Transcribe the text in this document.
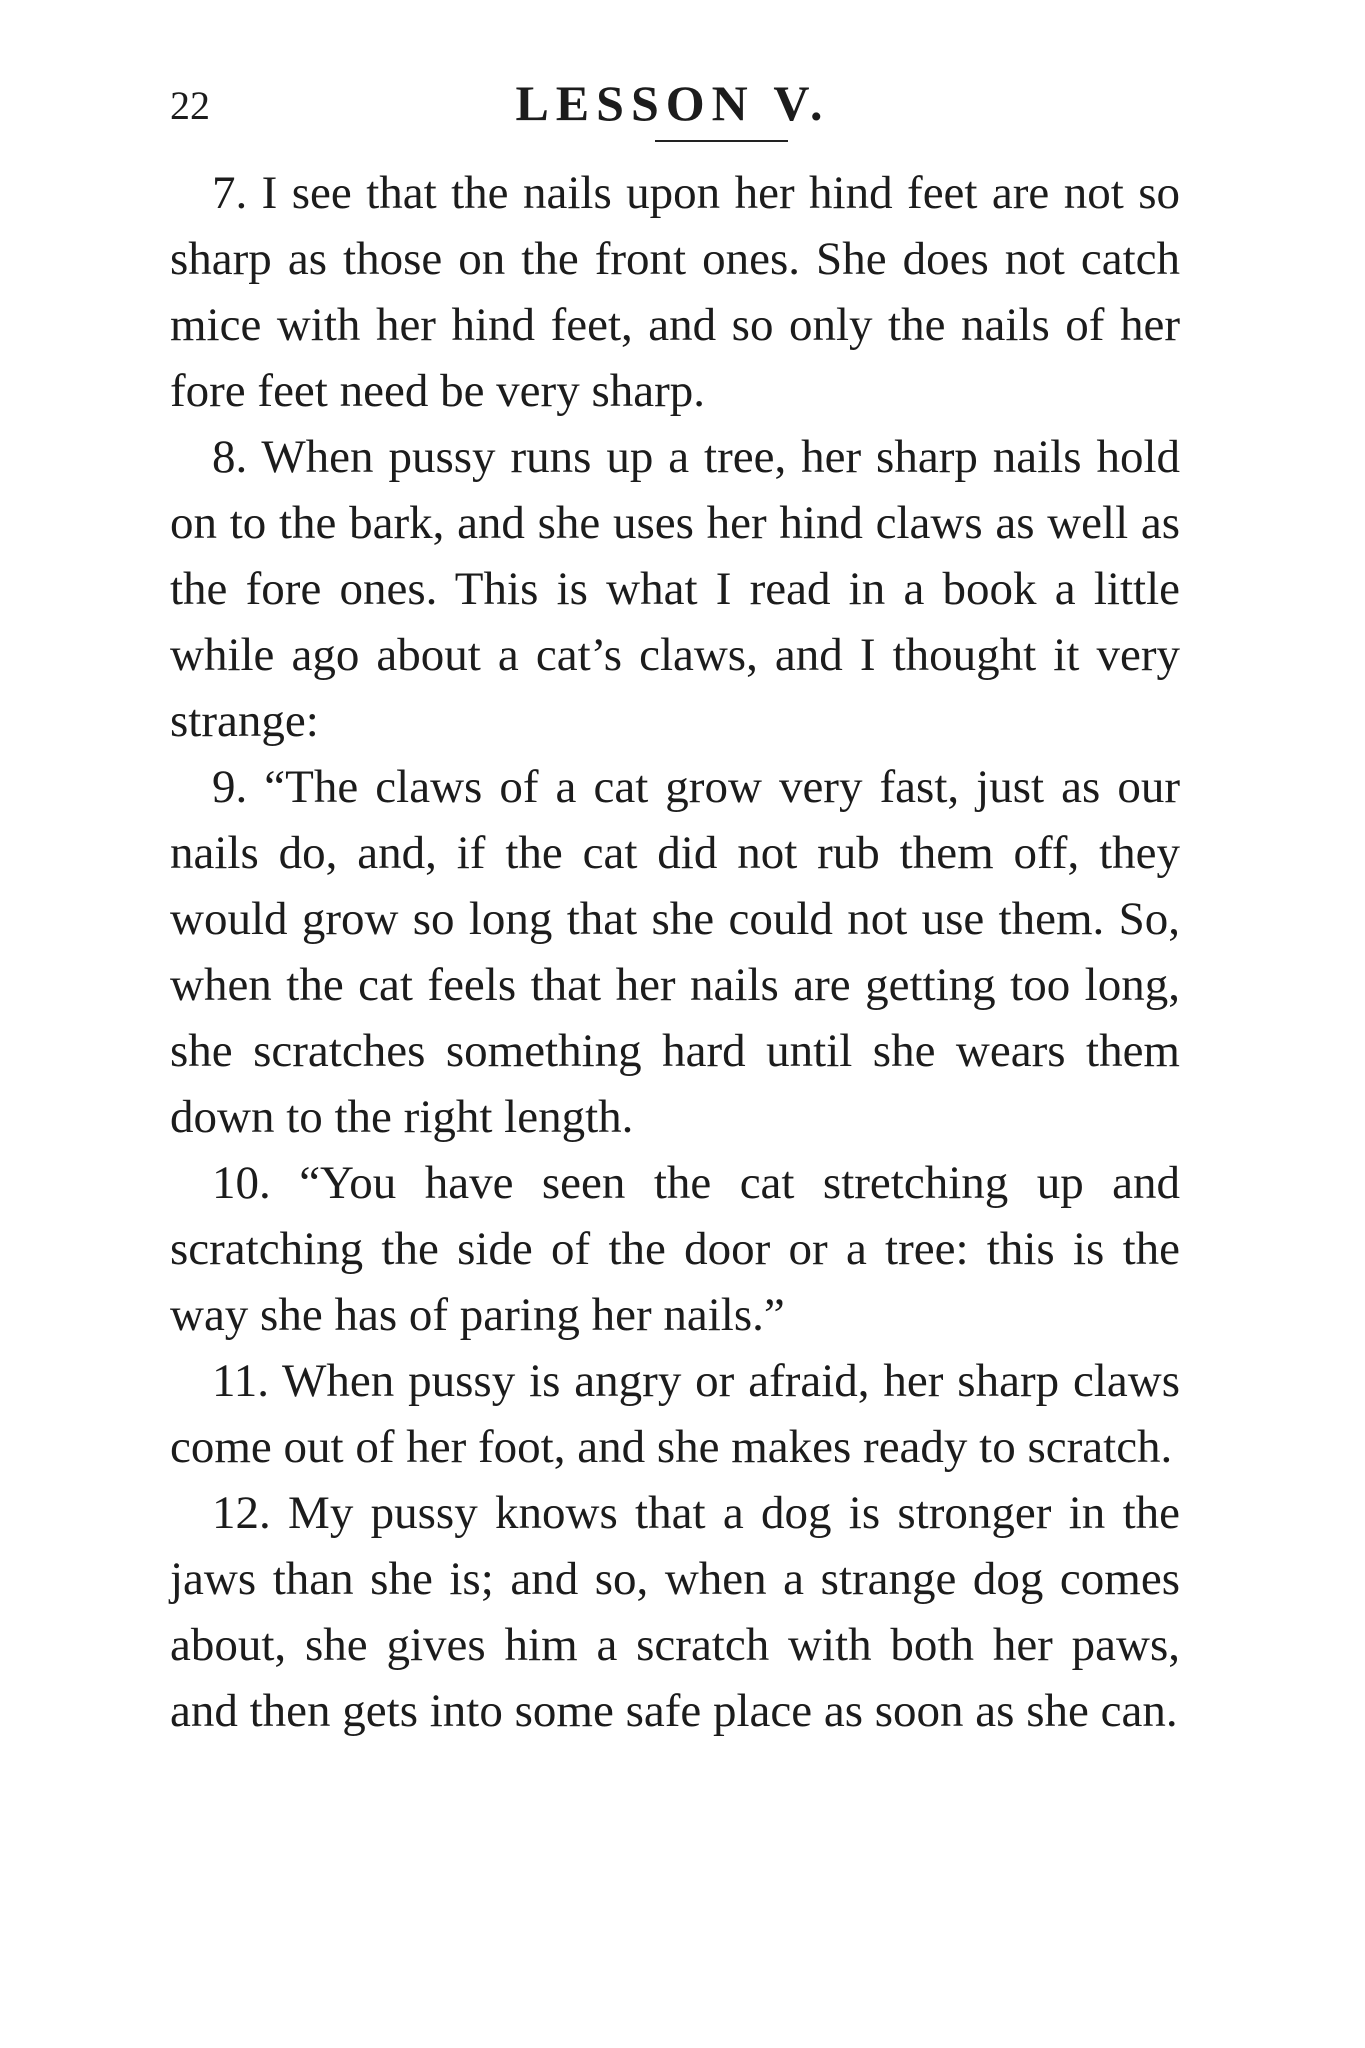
22	LESSON V.

7. I see that the nails upon her hind feet are not so sharp as those on the front ones. She does not catch mice with her hind feet, and so only the nails of her fore feet need be very sharp.

8. When pussy runs up a tree, her sharp nails hold on to the bark, and she uses her hind claws as well as the fore ones. This is what I read in a book a little while ago about a cat’s claws, and I thought it very strange:

9. “The claws of a cat grow very fast, just as our nails do, and, if the cat did not rub them off, they would grow so long that she could not use them. So, when the cat feels that her nails are getting too long, she scratches something hard until she wears them down to the right length.

10. “You have seen the cat stretching up and scratching the side of the door or a tree: this is the way she has of paring her nails.”

11. When pussy is angry or afraid, her sharp claws come out of her foot, and she makes ready to scratch.

12. My pussy knows that a dog is stronger in the jaws than she is; and so, when a strange dog comes about, she gives him a scratch with both her paws, and then gets into some safe place as soon as she can.
